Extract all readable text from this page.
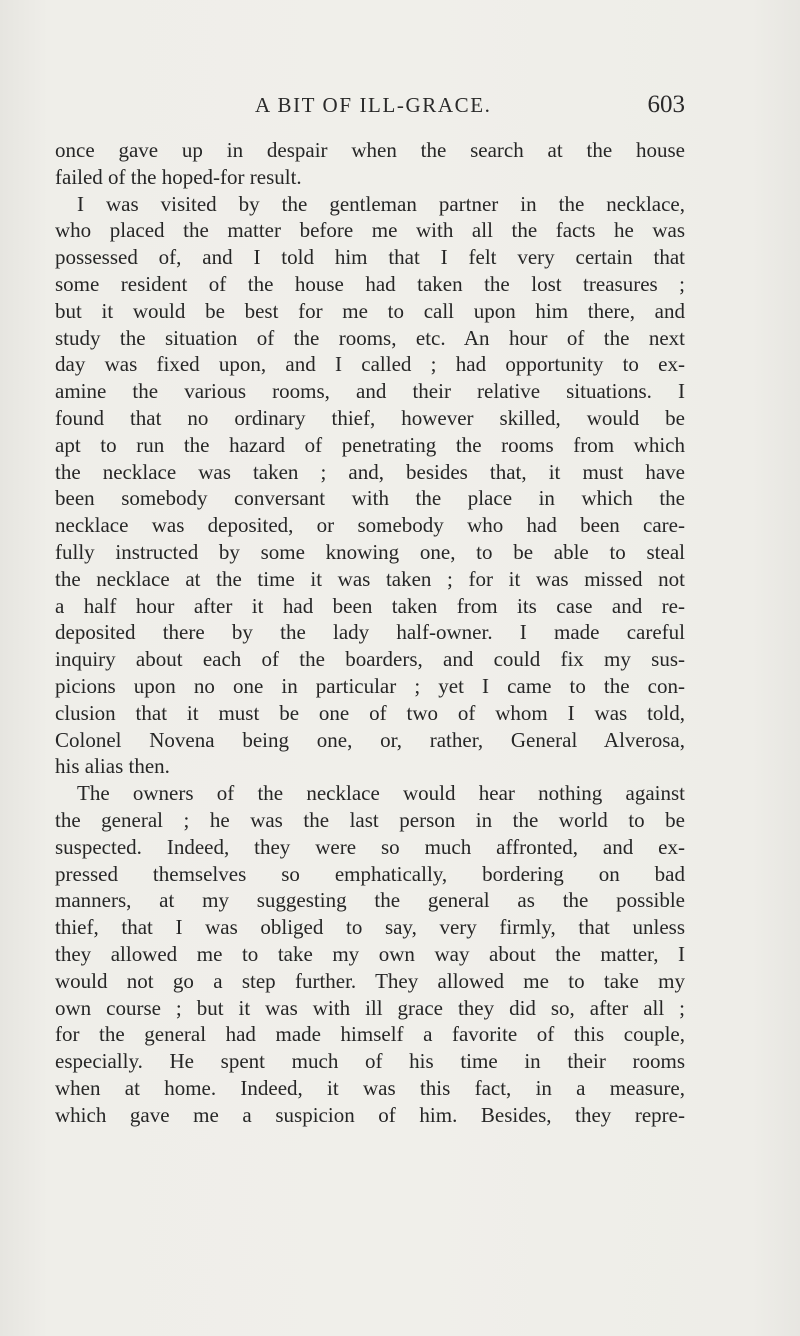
A BIT OF ILL-GRACE.	603
once gave up in despair when the search at the house
failed of the hoped-for result.
I was visited by the gentleman partner in the necklace,
who placed the matter before me with all the facts he was
possessed of, and I told him that I felt very certain that
some resident of the house had taken the lost treasures ;
but it would be best for me to call upon him there, and
study the situation of the rooms, etc. An hour of the next
day was fixed upon, and I called ; had opportunity to ex-
amine the various rooms, and their relative situations. I
found that no ordinary thief, however skilled, would be
apt to run the hazard of penetrating the rooms from which
the necklace was taken ; and, besides that, it must have
been somebody conversant with the place in which the
necklace was deposited, or somebody who had been care-
fully instructed by some knowing one, to be able to steal
the necklace at the time it was taken ; for it was missed not
a half hour after it had been taken from its case and re-
deposited there by the lady half-owner. I made careful
inquiry about each of the boarders, and could fix my sus-
picions upon no one in particular ; yet I came to the con-
clusion that it must be one of two of whom I was told,
Colonel Novena being one, or, rather, General Alverosa,
his alias then.
The owners of the necklace would hear nothing against
the general ; he was the last person in the world to be
suspected. Indeed, they were so much affronted, and ex-
pressed themselves so emphatically, bordering on bad
manners, at my suggesting the general as the possible
thief, that I was obliged to say, very firmly, that unless
they allowed me to take my own way about the matter, I
would not go a step further. They allowed me to take my
own course ; but it was with ill grace they did so, after all ;
for the general had made himself a favorite of this couple,
especially. He spent much of his time in their rooms
when at home. Indeed, it was this fact, in a measure,
which gave me a suspicion of him. Besides, they repre-
